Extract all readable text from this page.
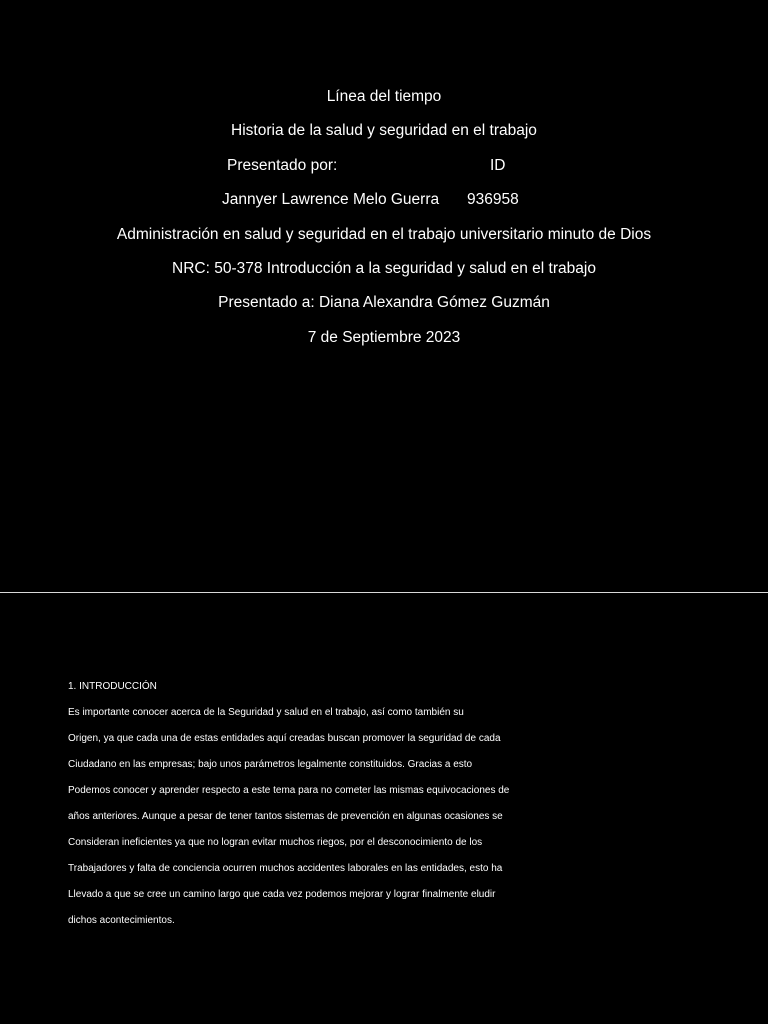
Línea del tiempo
Historia de la salud y seguridad en el trabajo
Presentado por:	ID
Jannyer Lawrence Melo Guerra 936958
Administración en salud y seguridad en el trabajo universitario minuto de Dios
NRC: 50-378 Introducción a la seguridad y salud en el trabajo
Presentado a: Diana Alexandra Gómez Guzmán
7 de Septiembre 2023
1. INTRODUCCIÓN
Es importante conocer acerca de la Seguridad y salud en el trabajo, así como también su
Origen, ya que cada una de estas entidades aquí creadas buscan promover la seguridad de cada
Ciudadano en las empresas; bajo unos parámetros legalmente constituidos. Gracias a esto
Podemos conocer y aprender respecto a este tema para no cometer las mismas equivocaciones de
años anteriores. Aunque a pesar de tener tantos sistemas de prevención en algunas ocasiones se
Consideran ineficientes ya que no logran evitar muchos riegos, por el desconocimiento de los
Trabajadores y falta de conciencia ocurren muchos accidentes laborales en las entidades, esto ha
Llevado a que se cree un camino largo que cada vez podemos mejorar y lograr finalmente eludir
dichos acontecimientos.
